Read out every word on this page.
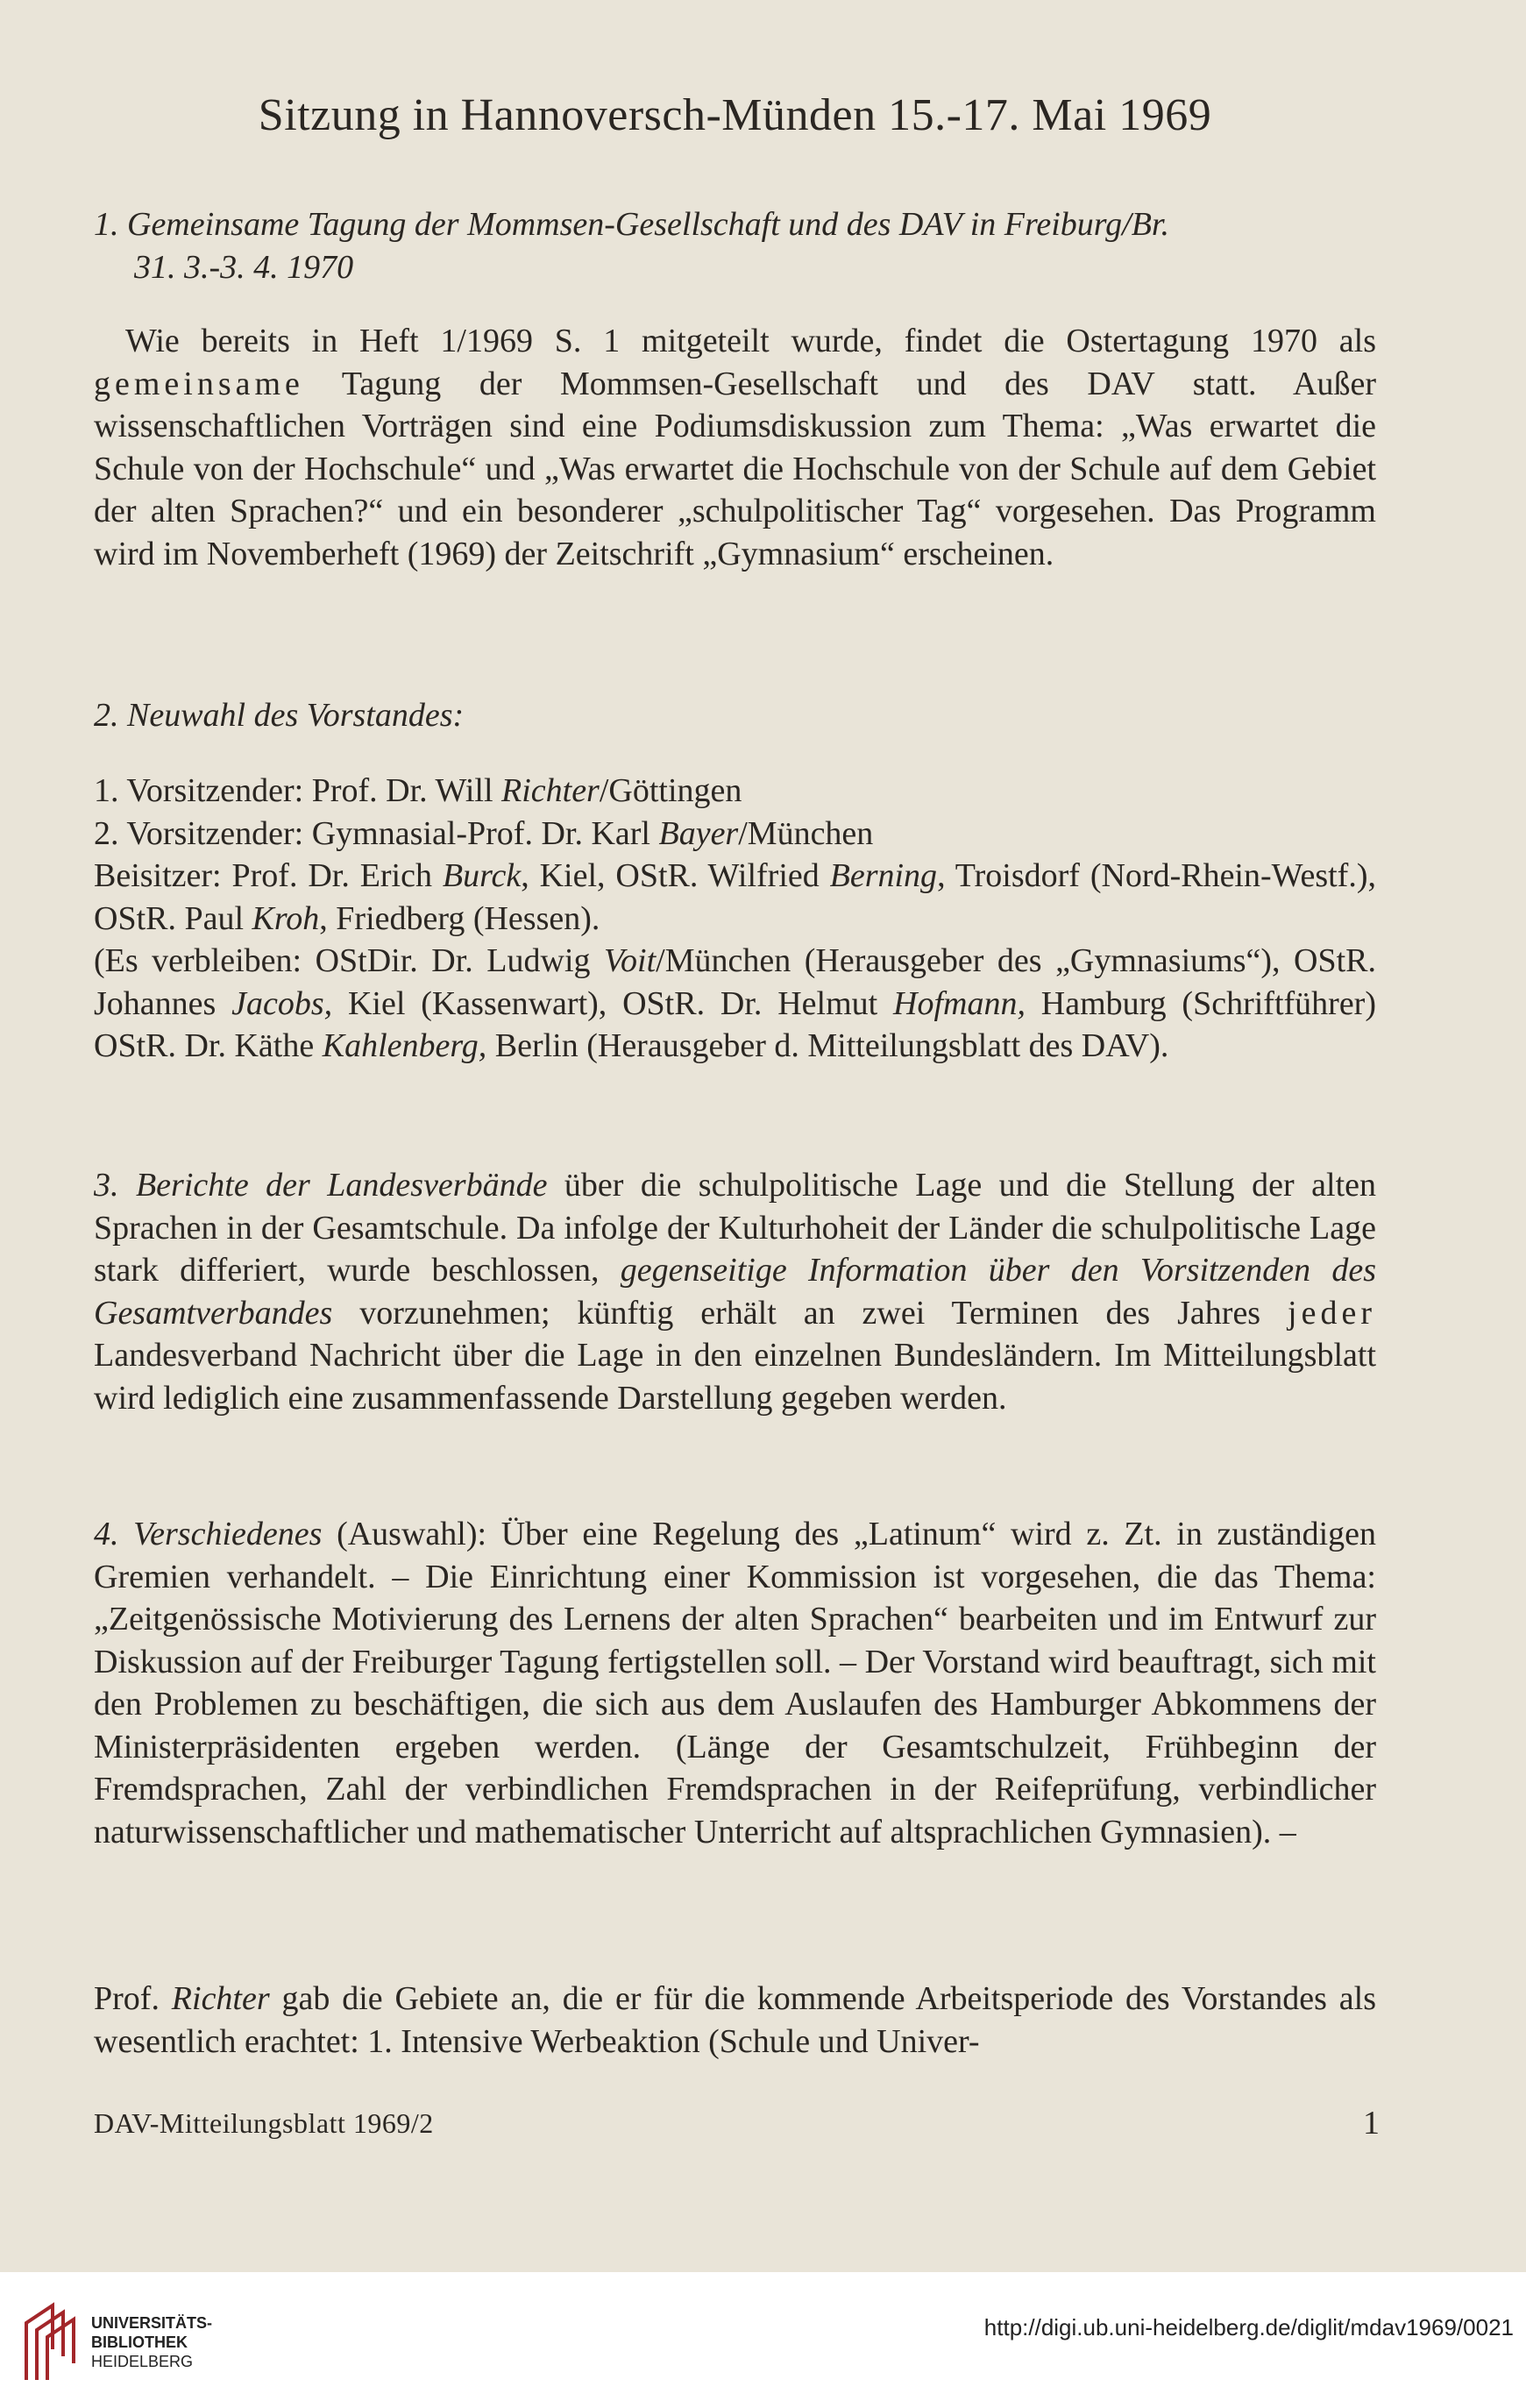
Sitzung in Hannoversch-Münden 15.-17. Mai 1969
1. Gemeinsame Tagung der Mommsen-Gesellschaft und des DAV in Freiburg/Br.
31. 3.-3. 4. 1970

Wie bereits in Heft 1/1969 S. 1 mitgeteilt wurde, findet die Ostertagung 1970 als gemeinsame Tagung der Mommsen-Gesellschaft und des DAV statt. Außer wissenschaftlichen Vorträgen sind eine Podiumsdiskussion zum Thema: „Was erwartet die Schule von der Hochschule“ und „Was erwartet die Hochschule von der Schule auf dem Gebiet der alten Sprachen?“ und ein besonderer „schulpolitischer Tag“ vorgesehen. Das Programm wird im Novemberheft (1969) der Zeitschrift „Gymnasium“ erscheinen.

2. Neuwahl des Vorstandes:
1. Vorsitzender: Prof. Dr. Will Richter/Göttingen
2. Vorsitzender: Gymnasial-Prof. Dr. Karl Bayer/München

Beisitzer: Prof. Dr. Erich Burck, Kiel, OStR. Wilfried Berning, Troisdorf (Nord-Rhein-Westf.), OStR. Paul Kroh, Friedberg (Hessen).

(Es verbleiben: OStDir. Dr. Ludwig Voit/München (Herausgeber des „Gymnasiums“), OStR. Johannes Jacobs, Kiel (Kassenwart), OStR. Dr. Helmut Hofmann, Hamburg (Schriftführer) OStR. Dr. Käthe Kahlenberg, Berlin (Herausgeber d. Mitteilungsblatt des DAV).

3. Berichte der Landesverbände über die schulpolitische Lage und die Stellung der alten Sprachen in der Gesamtschule. Da infolge der Kulturhoheit der Länder die schulpolitische Lage stark differiert, wurde beschlossen, gegenseitige Information über den Vorsitzenden des Gesamtverbandes vorzunehmen; künftig erhält an zwei Terminen des Jahres jeder Landesverband Nachricht über die Lage in den einzelnen Bundesländern. Im Mitteilungsblatt wird lediglich eine zusammenfassende Darstellung gegeben werden.

4. Verschiedenes (Auswahl): Über eine Regelung des „Latinum“ wird z. Zt. in zuständigen Gremien verhandelt. – Die Einrichtung einer Kommission ist vorgesehen, die das Thema: „Zeitgenössische Motivierung des Lernens der alten Sprachen“ bearbeiten und im Entwurf zur Diskussion auf der Freiburger Tagung fertigstellen soll. – Der Vorstand wird beauftragt, sich mit den Problemen zu beschäftigen, die sich aus dem Auslaufen des Hamburger Abkommens der Ministerpräsidenten ergeben werden. (Länge der Gesamtschulzeit, Frühbeginn der Fremdsprachen, Zahl der verbindlichen Fremdsprachen in der Reifeprüfung, verbindlicher naturwissenschaftlicher und mathematischer Unterricht auf altsprachlichen Gymnasien). –

Prof. Richter gab die Gebiete an, die er für die kommende Arbeitsperiode des Vorstandes als wesentlich erachtet: 1. Intensive Werbeaktion (Schule und Univer-

DAV-Mitteilungsblatt 1969/2	1
UNIVERSITÄTS-
BIBLIOTHEK
HEIDELBERG
http://digi.ub.uni-heidelberg.de/diglit/mdav1969/0021
